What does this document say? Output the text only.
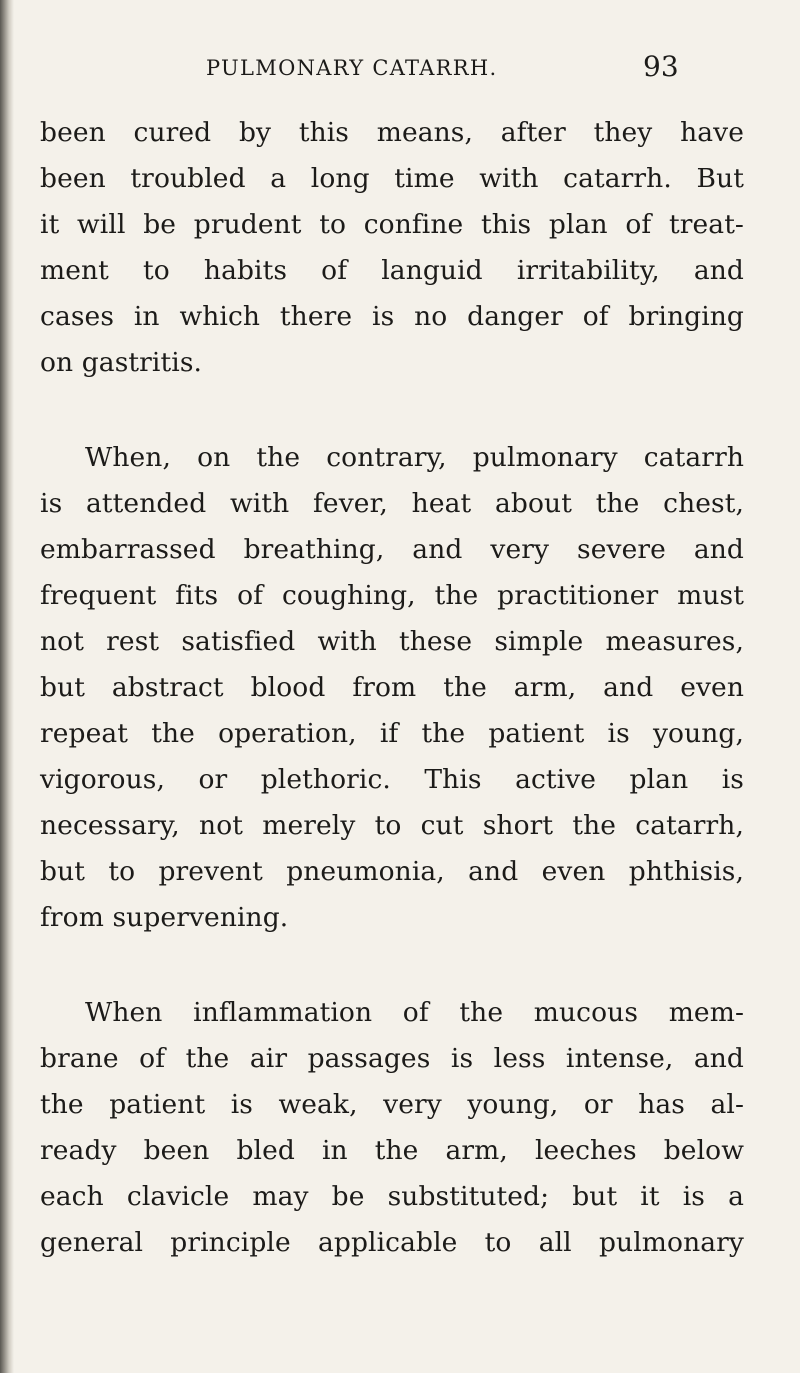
PULMONARY CATARRH.	93
been cured by this means, after they have
been troubled a long time with catarrh. But
it will be prudent to confine this plan of treat-
ment to habits of languid irritability, and
cases in which there is no danger of bringing
on gastritis.
When, on the contrary, pulmonary catarrh
is attended with fever, heat about the chest,
embarrassed breathing, and very severe and
frequent fits of coughing, the practitioner must
not rest satisfied with these simple measures,
but abstract blood from the arm, and even
repeat the operation, if the patient is young,
vigorous, or plethoric. This active plan is
necessary, not merely to cut short the catarrh,
but to prevent pneumonia, and even phthisis,
from supervening.
When inflammation of the mucous mem-
brane of the air passages is less intense, and
the patient is weak, very young, or has al-
ready been bled in the arm, leeches below
each clavicle may be substituted; but it is a
general principle applicable to all pulmonary
